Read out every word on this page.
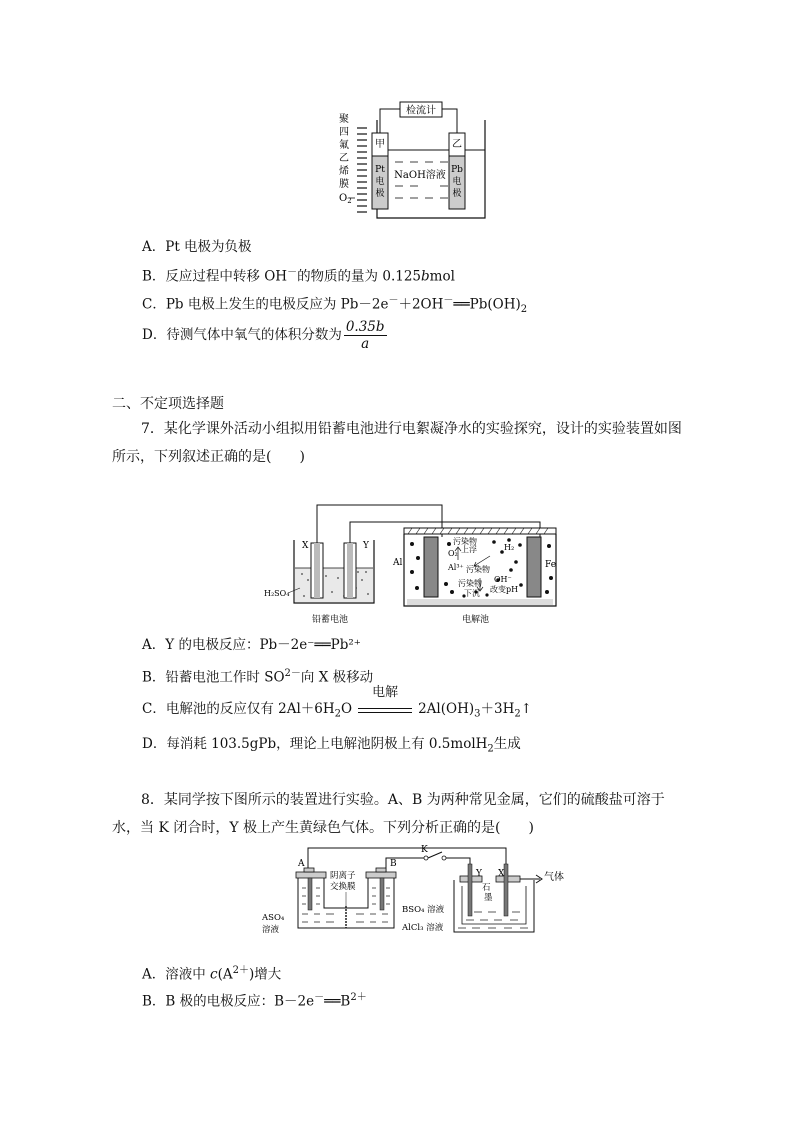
检流计
甲	乙
Pt
电
极
Pb
电
极
NaOH溶液
聚
四
氟
乙
烯
膜
$O_2$
A．Pt 电极为负极
B．反应过程中转移 OH－的物质的量为 0.125bmol
C．Pb 电极上发生的电极反应为 $Pb-2e^-+2OH^-══Pb(OH)_2$
D．待测气体中氧气的体积分数为 $\frac{0.35b}{a}$
二、不定项选择题
7．某化学课外活动小组拟用铅蓄电池进行电絮凝净水的实验探究，设计的实验装置如图所示，下列叙述正确的是(　　)
X	Y
H₂SO₄
铅蓄电池
Al	Fe
O₂
污染物
上浮
Al³⁺ 污染物
污染物
下沉
H₂
OH⁻
改变pH
电解池
A．Y 的电极反应：Pb－2e⁻══Pb²⁺
B．铅蓄电池工作时 $SO^{2-}$向 X 极移动
C．电解池的反应仅有 $2Al+6H_2O$
电解
$2Al(OH)_3+3H_2↑$
D．每消耗 103.5gPb，理论上电解池阴极上有 0.5molH$_2$生成
8．某同学按下图所示的装置进行实验。A、B 为两种常见金属，它们的硫酸盐可溶于水，当 K 闭合时，Y 极上产生黄绿色气体。下列分析正确的是(　　)
K
A	B
阴离子
交换膜
ASO₄
溶液
BSO₄ 溶液
AlCl₃ 溶液
气体
Y X
石
墨
A．溶液中 $c(A^{2+})$增大
B．B 极的电极反应：$B-2e^-══B^{2+}$
